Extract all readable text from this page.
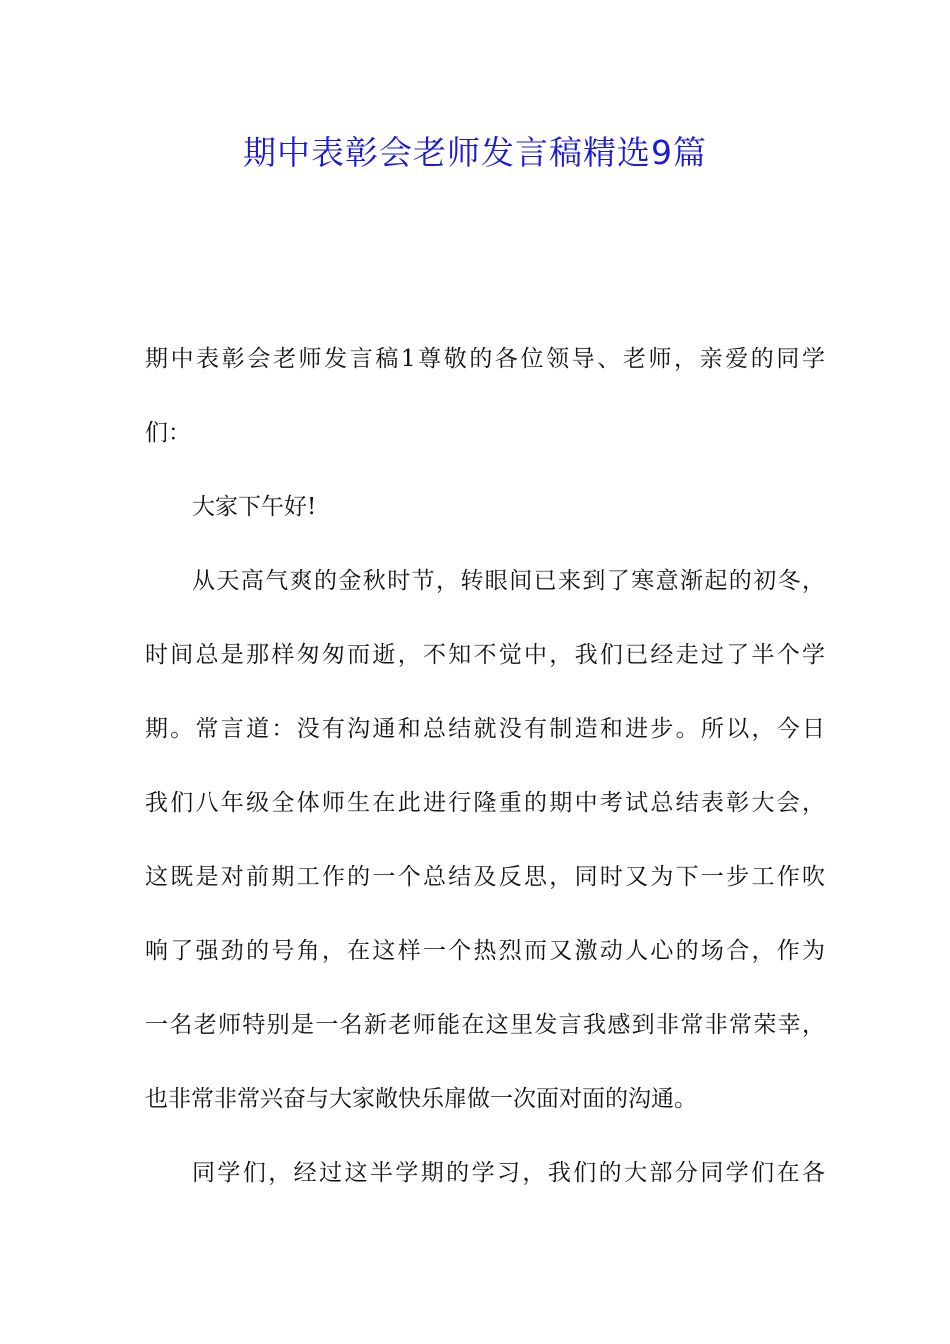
期中表彰会老师发言稿精选9篇

期中表彰会老师发言稿1尊敬的各位领导、老师，亲爱的同学

们：

大家下午好!

从天高气爽的金秋时节，转眼间已来到了寒意渐起的初冬，

时间总是那样匆匆而逝，不知不觉中，我们已经走过了半个学

期。常言道：没有沟通和总结就没有制造和进步。所以，今日

我们八年级全体师生在此进行隆重的期中考试总结表彰大会，

这既是对前期工作的一个总结及反思，同时又为下一步工作吹

响了强劲的号角，在这样一个热烈而又激动人心的场合，作为

一名老师特别是一名新老师能在这里发言我感到非常非常荣幸，

也非常非常兴奋与大家敞快乐扉做一次面对面的沟通。

同学们，经过这半学期的学习，我们的大部分同学们在各
